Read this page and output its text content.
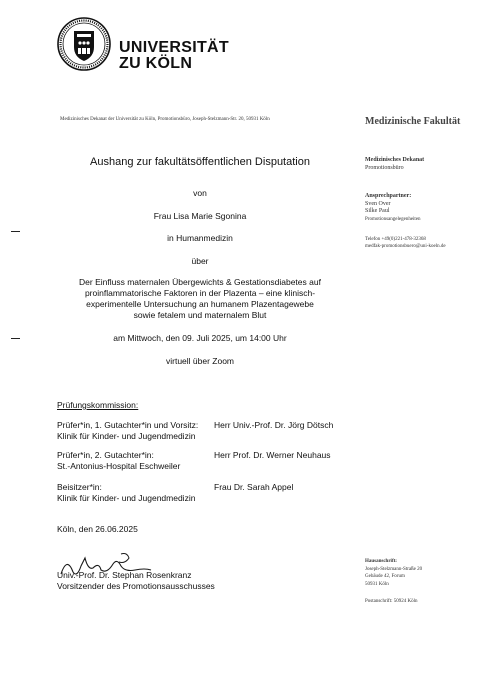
UNIVERSITÄT
ZU KÖLN
Medizinisches Dekanat der Universität zu Köln, Promotionsbüro, Joseph-Stelzmann-Str. 20, 50931 Köln	Medizinische Fakultät
Medizinisches Dekanat
Promotionsbüro
Ansprechpartner:
Sven Over
Silke Paul
Promotionsangelegenheiten
Telefon +49(0)221-478-32368
medfak-promotionsbuero@uni-koeln.de
Hausanschrift:
Joseph-Stelzmann-Straße 20
Gebäude 42, Forum
50931 Köln
Postanschrift: 50924 Köln
Aushang zur fakultätsöffentlichen Disputation
von
Frau Lisa Marie Sgonina
in Humanmedizin
über
Der Einfluss maternalen Übergewichts & Gestationsdiabetes auf
proinflammatorische Faktoren in der Plazenta – eine klinisch-
experimentelle Untersuchung an humanem Plazentagewebe
sowie fetalem und maternalem Blut
am Mittwoch, den 09. Juli 2025, um 14:00 Uhr
virtuell über Zoom
Prüfungskommission:
Prüfer*in, 1. Gutachter*in und Vorsitz:
Klinik für Kinder- und Jugendmedizin
Herr Univ.-Prof. Dr. Jörg Dötsch
Prüfer*in, 2. Gutachter*in:
St.-Antonius-Hospital Eschweiler
Herr Prof. Dr. Werner Neuhaus
Beisitzer*in:
Klinik für Kinder- und Jugendmedizin
Frau Dr. Sarah Appel
Köln, den 26.06.2025
Univ.-Prof. Dr. Stephan Rosenkranz
Vorsitzender des Promotionsausschusses
